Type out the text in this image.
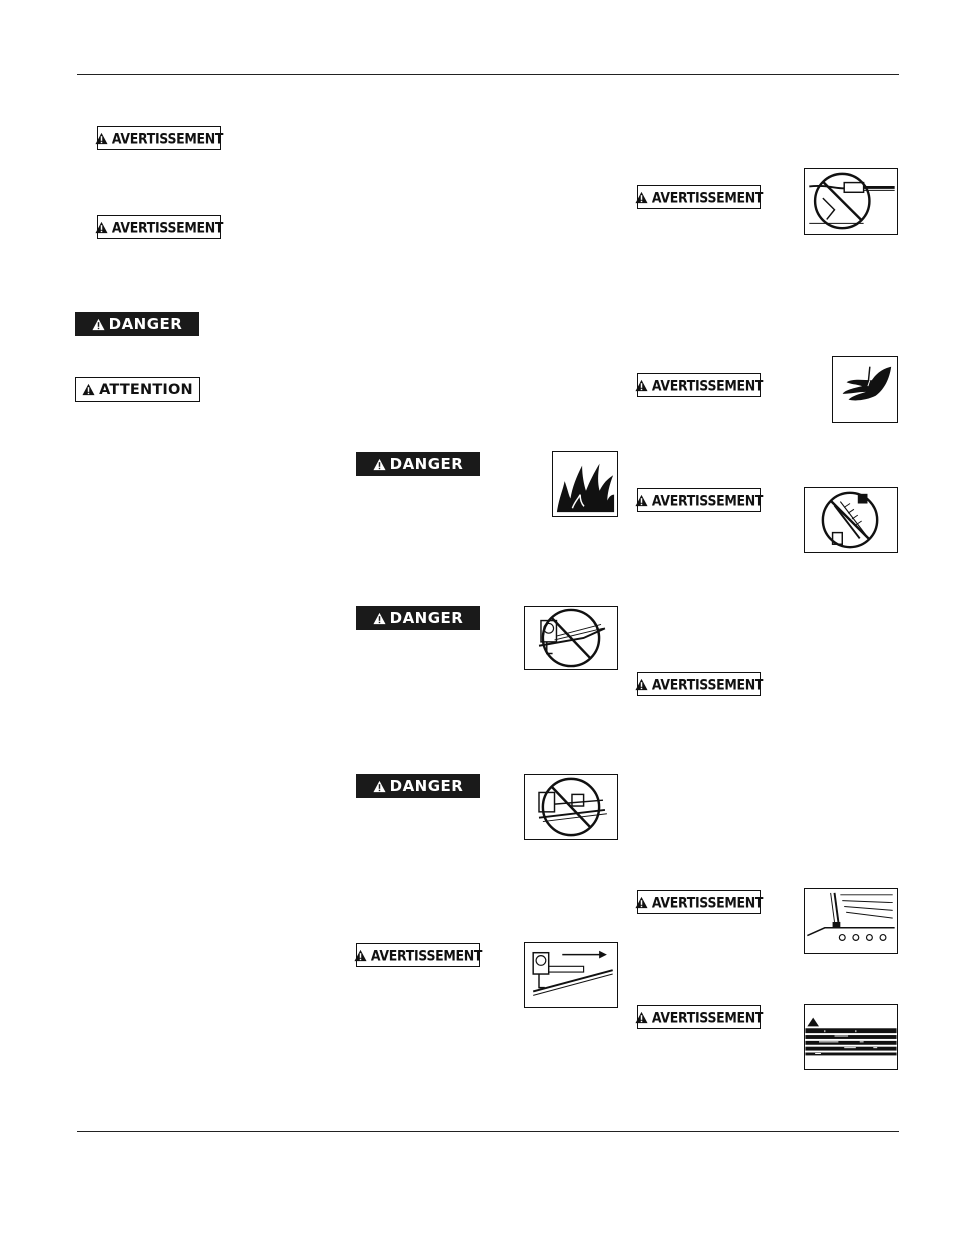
AVERTISSEMENT
AVERTISSEMENT
DANGER
ATTENTION
DANGER
DANGER
DANGER
AVERTISSEMENT
AVERTISSEMENT
AVERTISSEMENT
AVERTISSEMENT
AVERTISSEMENT
AVERTISSEMENT
AVERTISSEMENT
